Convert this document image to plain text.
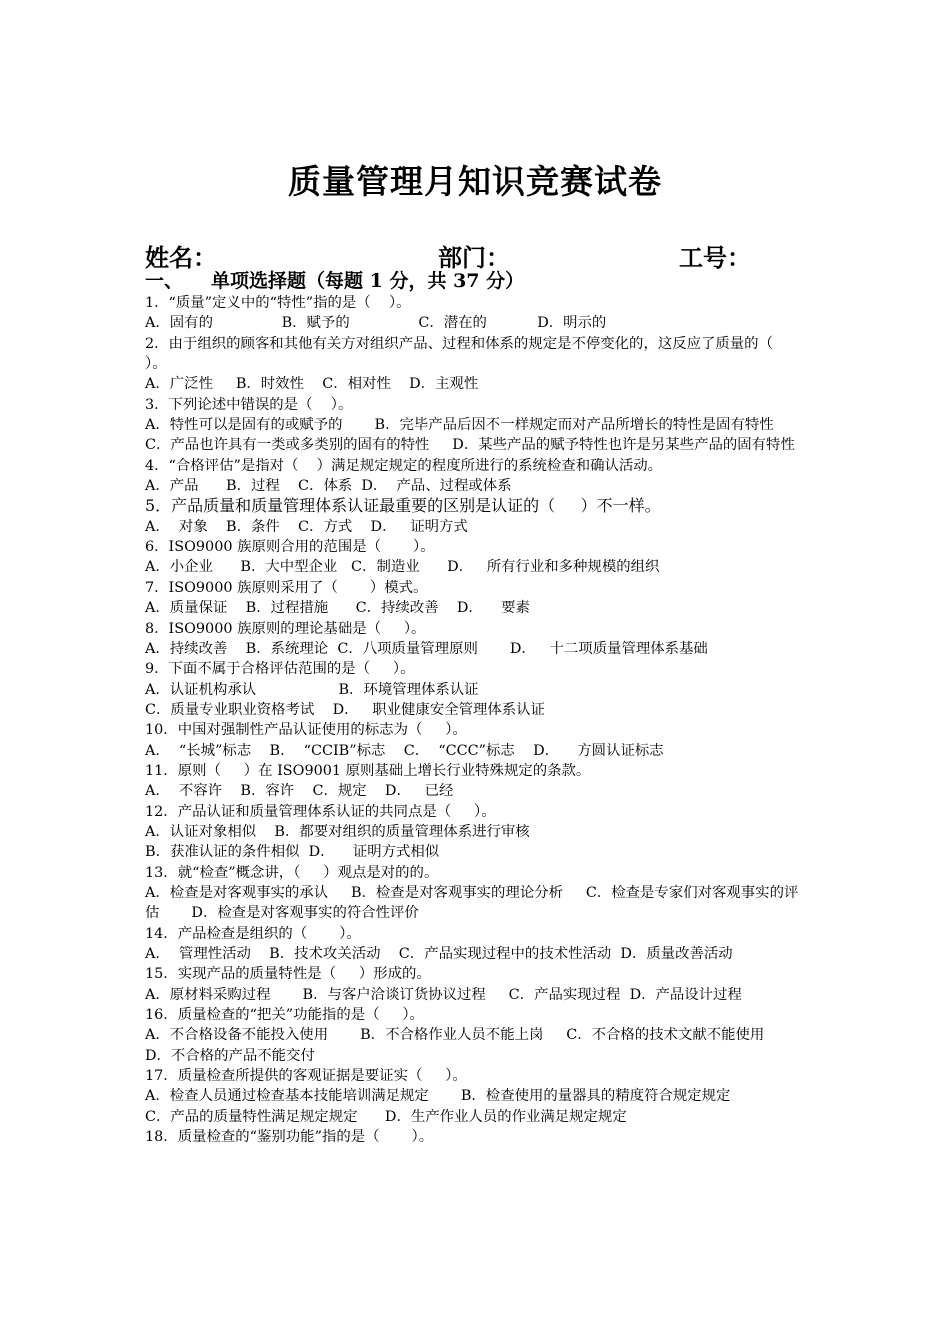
质量管理月知识竞赛试卷
姓名：	部门：	工号：
一、 单项选择题（每题 1 分，共 37 分）

1．“质量”定义中的“特性”指的是（    ）。

A．固有的               B．赋予的               C．潜在的           D．明示的

2．由于组织的顾客和其他有关方对组织产品、过程和体系的规定是不停变化的，这反应了质量的（    ）。

A．广泛性     B．时效性    C．相对性    D．主观性

3．下列论述中错误的是（    ）。

A．特性可以是固有的或赋予的       B．完毕产品后因不一样规定而对产品所增长的特性是固有特性    C．产品也许具有一类或多类别的固有的特性     D．某些产品的赋予特性也许是另某些产品的固有特性

4．“合格评估”是指对（    ）满足规定规定的程度所进行的系统检查和确认活动。

A．产品      B．过程    C．体系  D．  产品、过程或体系

5．产品质量和质量管理体系认证最重要的区别是认证的（     ）不一样。

A．  对象    B．条件    C．方式    D．   证明方式

6．ISO9000 族原则合用的范围是（       ）。

A．小企业      B．大中型企业   C．制造业      D．   所有行业和多种规模的组织

7．ISO9000 族原则采用了（       ）模式。

A．质量保证    B．过程措施      C．持续改善    D．    要素

8．ISO9000 族原则的理论基础是（     ）。

A．持续改善    B．系统理论  C．八项质量管理原则       D．   十二项质量管理体系基础

9．下面不属于合格评估范围的是（     ）。

A．认证机构承认                  B．环境管理体系认证

C．质量专业职业资格考试    D．   职业健康安全管理体系认证

10．中国对强制性产品认证使用的标志为（     ）。

A．  “长城”标志    B．  “CCIB”标志    C．  “CCC”标志    D．    方圆认证标志

11．原则（     ）在 ISO9001 原则基础上增长行业特殊规定的条款。

A．  不容许    B．容许    C．规定    D．   已经

12．产品认证和质量管理体系认证的共同点是（     ）。

A．认证对象相似    B．都要对组织的质量管理体系进行审核

B．获准认证的条件相似  D．    证明方式相似

13．就“检查”概念讲，（     ）观点是对的的。

A．检查是对客观事实的承认     B．检查是对客观事实的理论分析     C．检查是专家们对客观事实的评估       D．检查是对客观事实的符合性评价

14．产品检查是组织的（       ）。

A．  管理性活动    B．技术攻关活动    C．产品实现过程中的技术性活动  D．质量改善活动

15．实现产品的质量特性是（     ）形成的。

A．原材料采购过程       B．与客户洽谈订货协议过程     C．产品实现过程  D．产品设计过程

16．质量检查的“把关”功能指的是（     ）。

A．不合格设备不能投入使用       B．不合格作业人员不能上岗     C．不合格的技术文献不能使用       D．不合格的产品不能交付

17．质量检查所提供的客观证据是要证实（     ）。

A．检查人员通过检查基本技能培训满足规定       B．检查使用的量器具的精度符合规定规定

C．产品的质量特性满足规定规定      D．生产作业人员的作业满足规定规定

18．质量检查的“鉴别功能”指的是（       ）。
